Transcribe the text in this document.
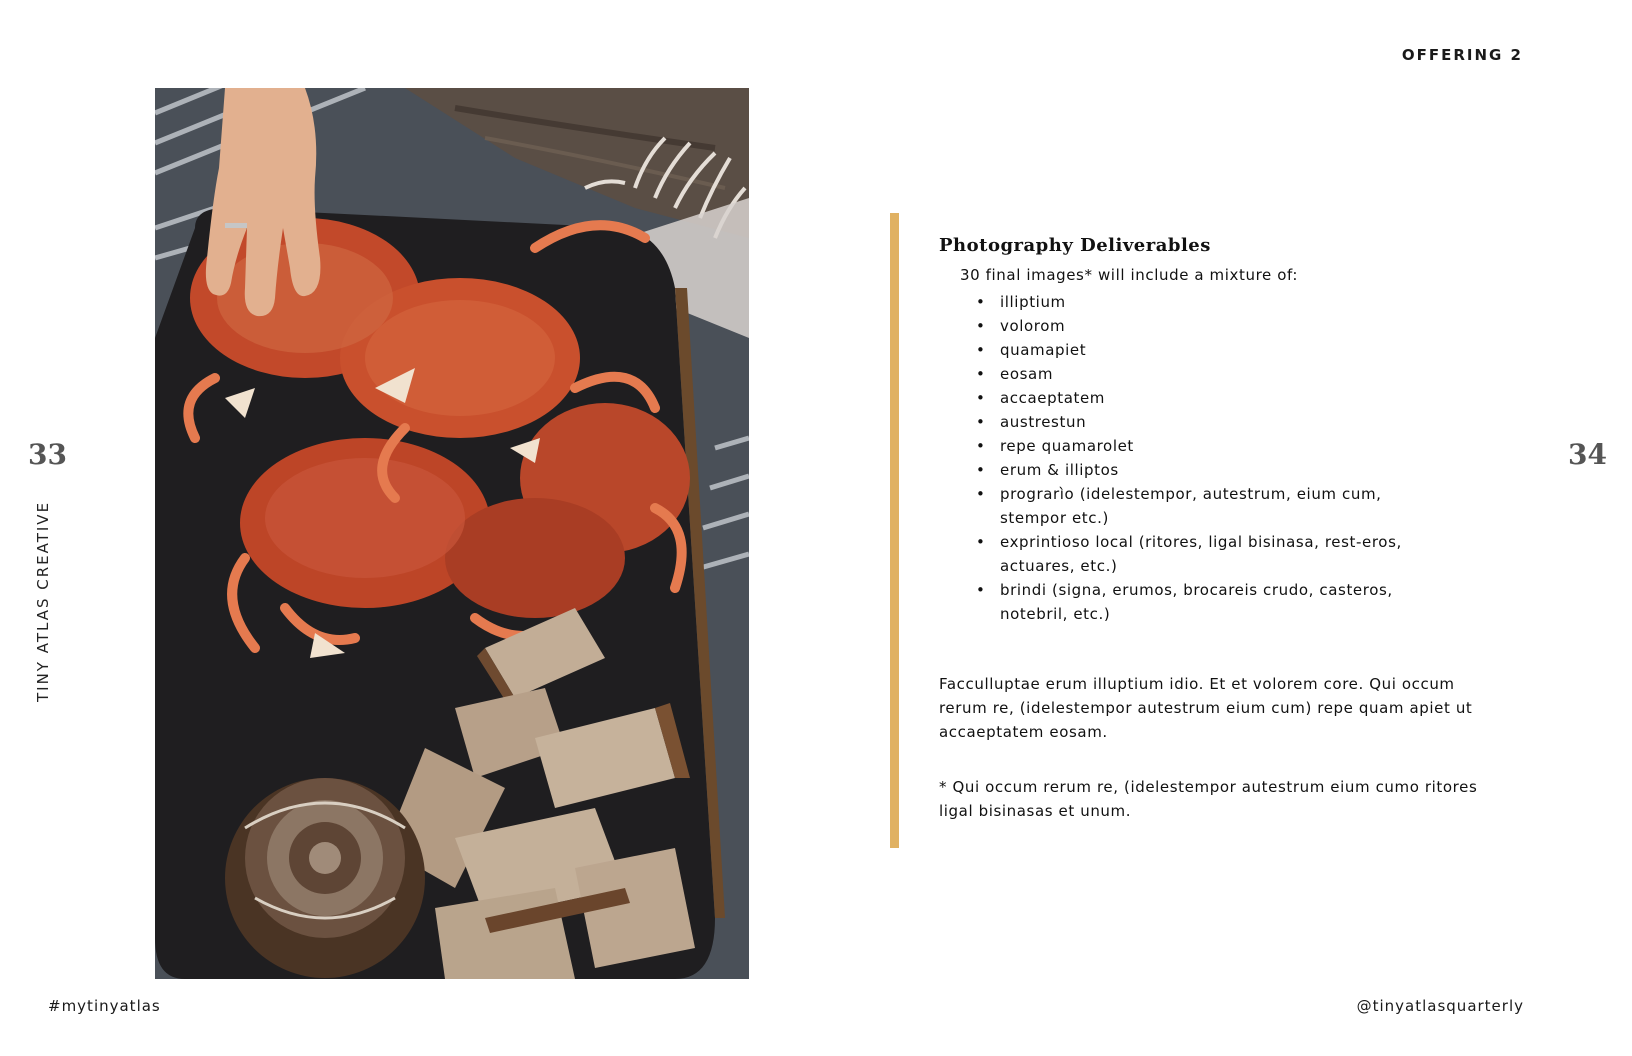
OFFERING 2
33	34
TINY ATLAS CREATIVE
Photography Deliverables
30 final images* will include a mixture of:
• illiptium
• volorom
• quamapiet
• eosam
• accaeptatem
• austrestun
• repe quamarolet
• erum & illiptos
• prograrìo (idelestempor, autestrum, eium cum, stempor etc.)
• exprintioso local (ritores, ligal bisinasa, rest-eros, actuares, etc.)
• brindi (signa, erumos, brocareis crudo, casteros, notebril, etc.)

Facculluptae erum illuptium idio. Et et volorem core. Qui occum rerum re, (idelestempor autestrum eium cum) repe quam apiet ut accaeptatem eosam.

* Qui occum rerum re, (idelestempor autestrum eium cumo ritores ligal bisinasas et unum.

#mytinyatlas	@tinyatlasquarterly
